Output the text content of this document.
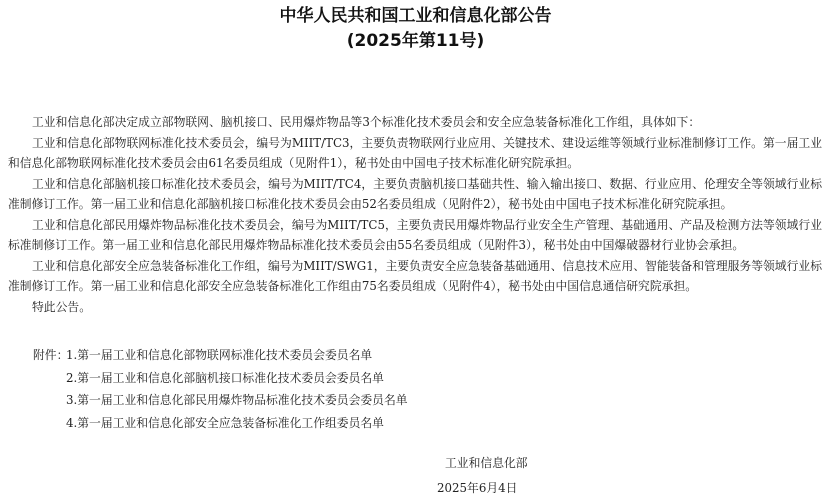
中华人民共和国工业和信息化部公告
(2025年第11号)

工业和信息化部决定成立部物联网、脑机接口、民用爆炸物品等3个标准化技术委员会和安全应急装备标准化工作组，具体如下：

工业和信息化部物联网标准化技术委员会，编号为MIIT/TC3，主要负责物联网行业应用、关键技术、建设运维等领域行业标准制修订工作。第一届工业和信息化部物联网标准化技术委员会由61名委员组成（见附件1），秘书处由中国电子技术标准化研究院承担。

工业和信息化部脑机接口标准化技术委员会，编号为MIIT/TC4，主要负责脑机接口基础共性、输入输出接口、数据、行业应用、伦理安全等领域行业标准制修订工作。第一届工业和信息化部脑机接口标准化技术委员会由52名委员组成（见附件2），秘书处由中国电子技术标准化研究院承担。

工业和信息化部民用爆炸物品标准化技术委员会，编号为MIIT/TC5，主要负责民用爆炸物品行业安全生产管理、基础通用、产品及检测方法等领域行业标准制修订工作。第一届工业和信息化部民用爆炸物品标准化技术委员会由55名委员组成（见附件3），秘书处由中国爆破器材行业协会承担。

工业和信息化部安全应急装备标准化工作组，编号为MIIT/SWG1，主要负责安全应急装备基础通用、信息技术应用、智能装备和管理服务等领域行业标准制修订工作。第一届工业和信息化部安全应急装备标准化工作组由75名委员组成（见附件4），秘书处由中国信息通信研究院承担。

特此公告。

附件：
1.第一届工业和信息化部物联网标准化技术委员会委员名单
2.第一届工业和信息化部脑机接口标准化技术委员会委员名单
3.第一届工业和信息化部民用爆炸物品标准化技术委员会委员名单
4.第一届工业和信息化部安全应急装备标准化工作组委员名单
工业和信息化部
2025年6月4日
